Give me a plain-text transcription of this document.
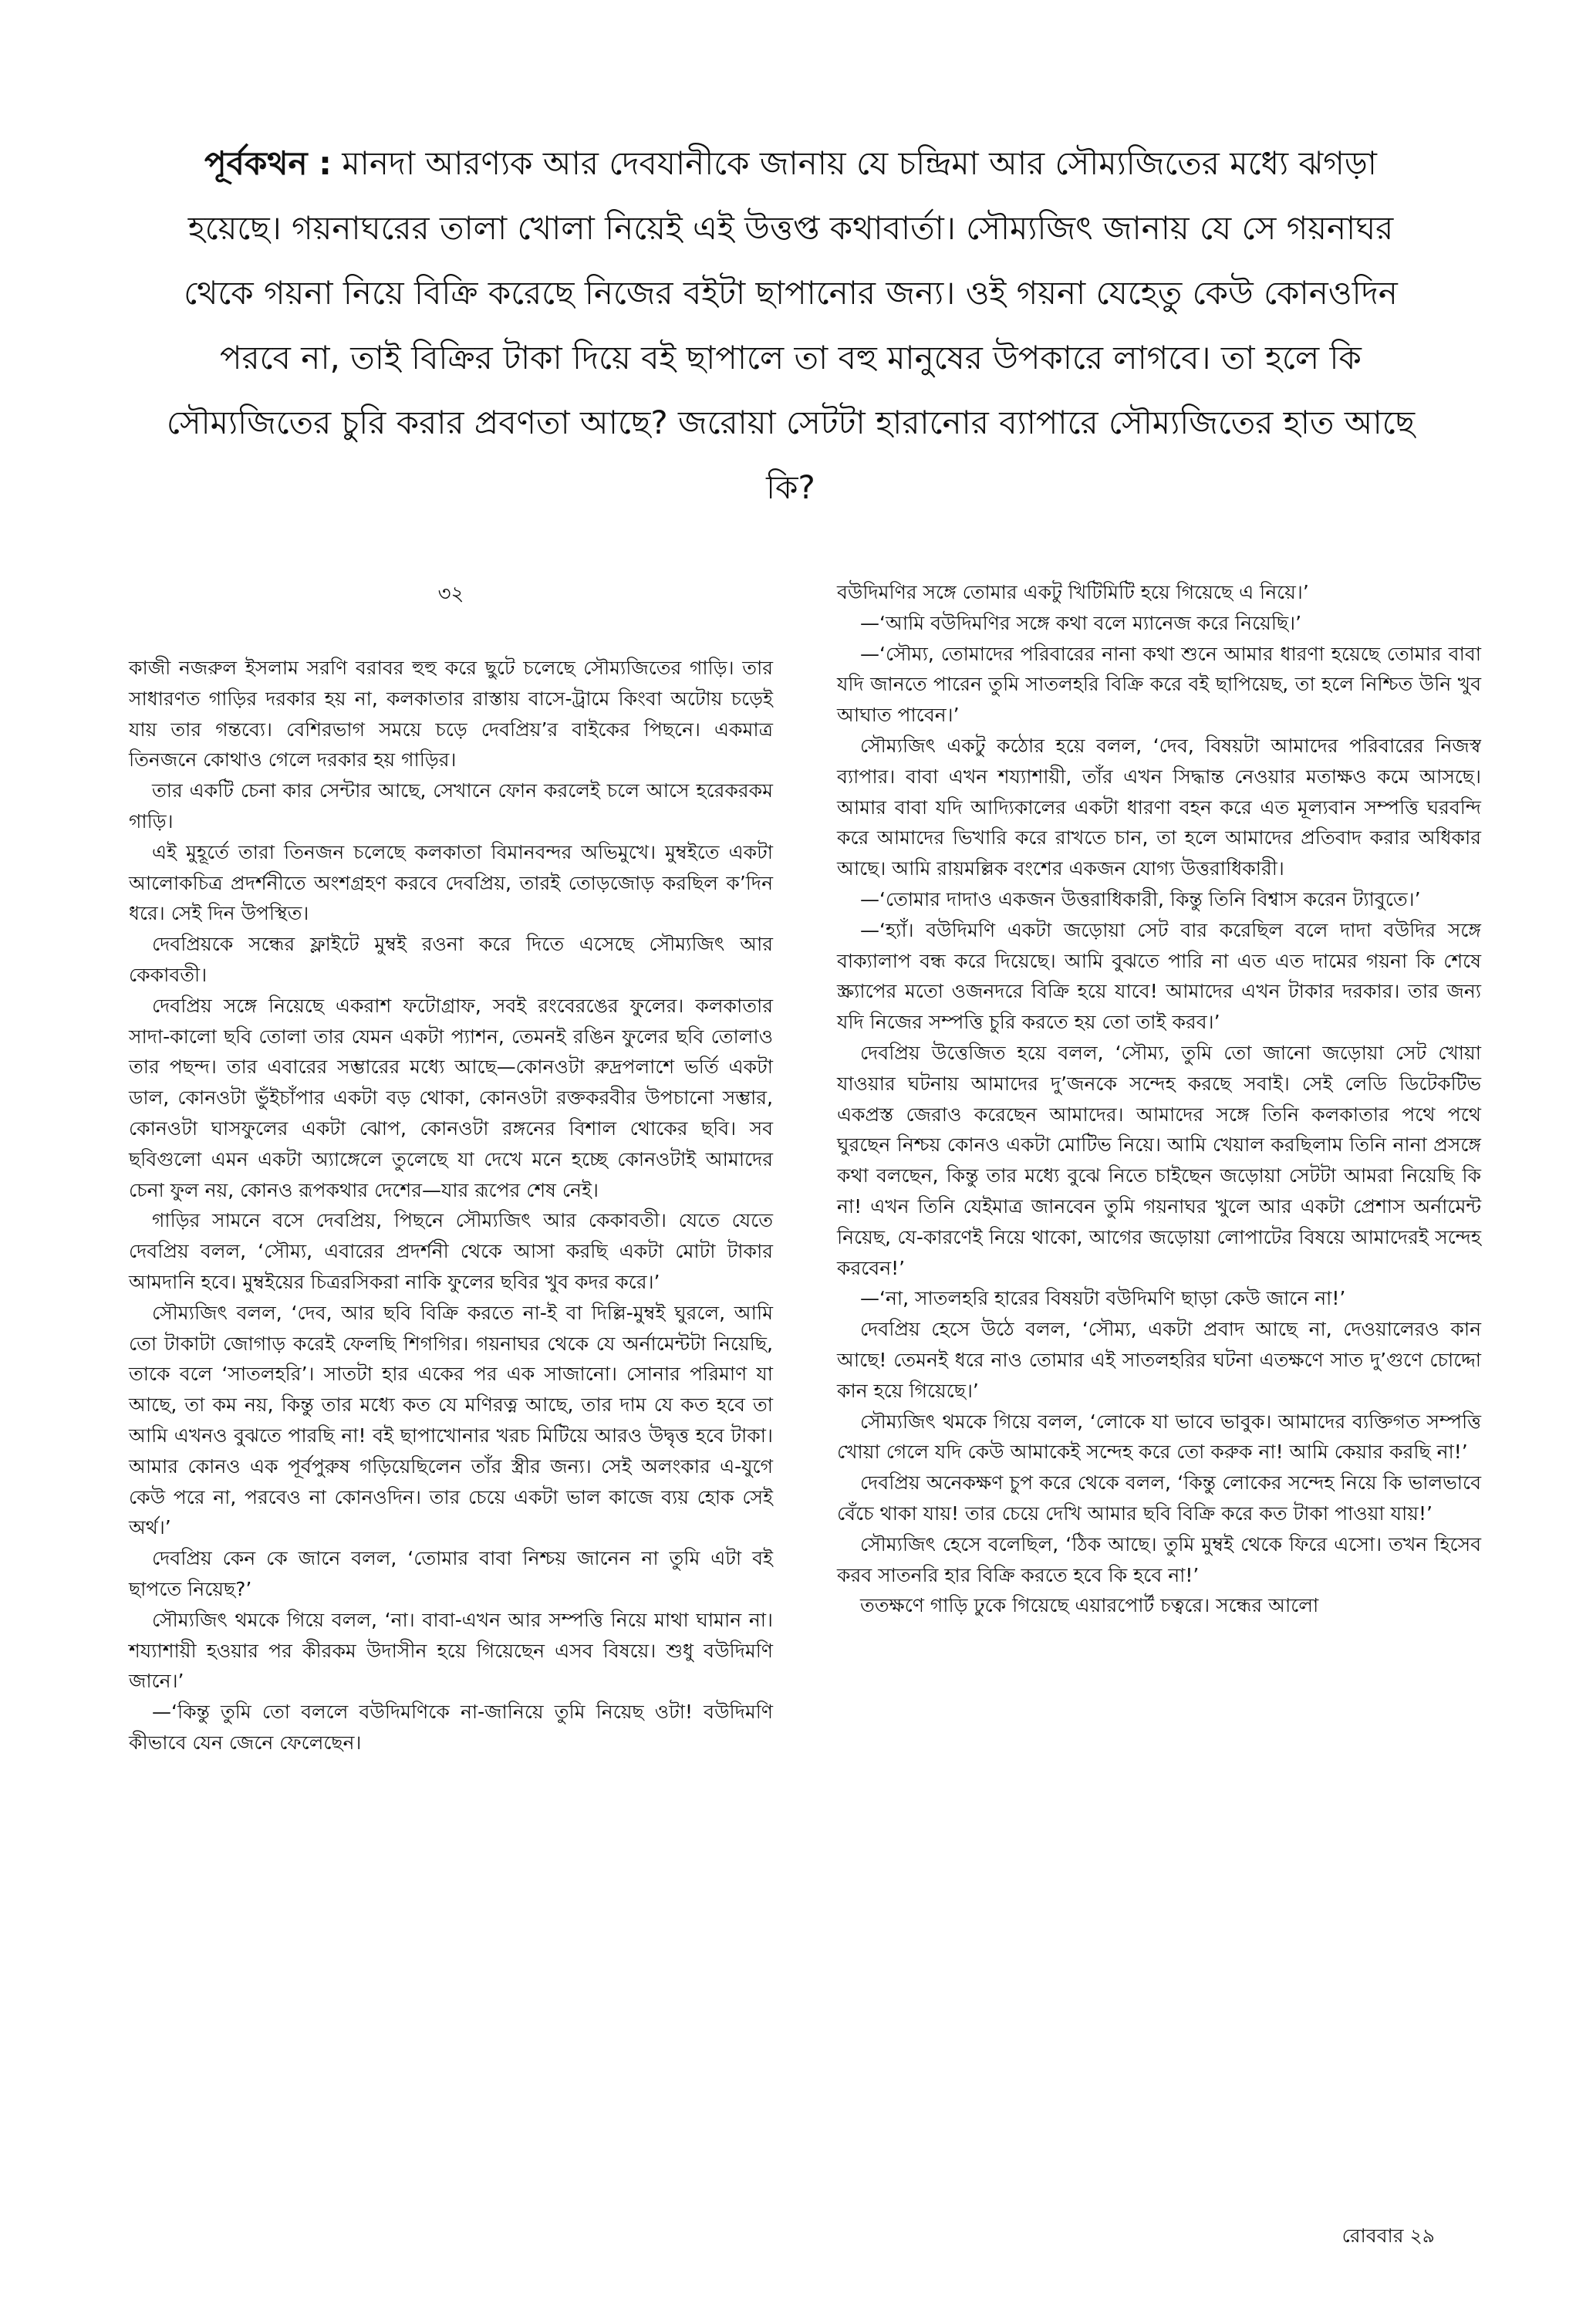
পূর্বকথন : মানদা আরণ্যক আর দেবযানীকে জানায় যে চন্দ্রিমা আর সৌম্যজিতের মধ্যে ঝগড়া হয়েছে। গয়নাঘরের তালা খোলা নিয়েই এই উত্তপ্ত কথাবার্তা। সৌম্যজিৎ জানায় যে সে গয়নাঘর থেকে গয়না নিয়ে বিক্রি করেছে নিজের বইটা ছাপানোর জন্য। ওই গয়না যেহেতু কেউ কোনওদিন পরবে না, তাই বিক্রির টাকা দিয়ে বই ছাপালে তা বহু মানুষের উপকারে লাগবে। তা হলে কি সৌম্যজিতের চুরি করার প্রবণতা আছে? জরোয়া সেটটা হারানোর ব্যাপারে সৌম্যজিতের হাত আছে কি?

৩২

কাজী নজরুল ইসলাম সরণি বরাবর হুহু করে ছুটে চলেছে সৌম্যজিতের গাড়ি। তার সাধারণত গাড়ির দরকার হয় না, কলকাতার রাস্তায় বাসে-ট্রামে কিংবা অটোয় চড়েই যায় তার গন্তব্যে। বেশিরভাগ সময়ে চড়ে দেবপ্রিয়’র বাইকের পিছনে। একমাত্র তিনজনে কোথাও গেলে দরকার হয় গাড়ির।

তার একটি চেনা কার সেন্টার আছে, সেখানে ফোন করলেই চলে আসে হরেকরকম গাড়ি।

এই মুহূর্তে তারা তিনজন চলেছে কলকাতা বিমানবন্দর অভিমুখে। মুম্বইতে একটা আলোকচিত্র প্রদর্শনীতে অংশগ্রহণ করবে দেবপ্রিয়, তারই তোড়জোড় করছিল ক’দিন ধরে। সেই দিন উপস্থিত।

দেবপ্রিয়কে সন্ধের ফ্লাইটে মুম্বই রওনা করে দিতে এসেছে সৌম্যজিৎ আর কেকাবতী।

দেবপ্রিয় সঙ্গে নিয়েছে একরাশ ফটোগ্রাফ, সবই রংবেরঙের ফুলের। কলকাতার সাদা-কালো ছবি তোলা তার যেমন একটা প্যাশন, তেমনই রঙিন ফুলের ছবি তোলাও তার পছন্দ। তার এবারের সম্ভারের মধ্যে আছে—কোনওটা রুদ্রপলাশে ভর্তি একটা ডাল, কোনওটা ভুঁইচাঁপার একটা বড় থোকা, কোনওটা রক্তকরবীর উপচানো সম্ভার, কোনওটা ঘাসফুলের একটা ঝোপ, কোনওটা রঙ্গনের বিশাল থোকের ছবি। সব ছবিগুলো এমন একটা অ্যাঙ্গেলে তুলেছে যা দেখে মনে হচ্ছে কোনওটাই আমাদের চেনা ফুল নয়, কোনও রূপকথার দেশের—যার রূপের শেষ নেই।

গাড়ির সামনে বসে দেবপ্রিয়, পিছনে সৌম্যজিৎ আর কেকাবতী। যেতে যেতে দেবপ্রিয় বলল, ‘সৌম্য, এবারের প্রদর্শনী থেকে আসা করছি একটা মোটা টাকার আমদানি হবে। মুম্বইয়ের চিত্ররসিকরা নাকি ফুলের ছবির খুব কদর করে।’

সৌম্যজিৎ বলল, ‘দেব, আর ছবি বিক্রি করতে না-ই বা দিল্লি-মুম্বই ঘুরলে, আমি তো টাকাটা জোগাড় করেই ফেলছি শিগগির। গয়নাঘর থেকে যে অর্নামেন্টটা নিয়েছি, তাকে বলে ‘সাতলহরি’। সাতটা হার একের পর এক সাজানো। সোনার পরিমাণ যা আছে, তা কম নয়, কিন্তু তার মধ্যে কত যে মণিরত্ন আছে, তার দাম যে কত হবে তা আমি এখনও বুঝতে পারছি না! বই ছাপাখোনার খরচ মিটিয়ে আরও উদ্বৃত্ত হবে টাকা। আমার কোনও এক পূর্বপুরুষ গড়িয়েছিলেন তাঁর স্ত্রীর জন্য। সেই অলংকার এ-যুগে কেউ পরে না, পরবেও না কোনওদিন। তার চেয়ে একটা ভাল কাজে ব্যয় হোক সেই অর্থ।’

দেবপ্রিয় কেন কে জানে বলল, ‘তোমার বাবা নিশ্চয় জানেন না তুমি এটা বই ছাপতে নিয়েছ?’

সৌম্যজিৎ থমকে গিয়ে বলল, ‘না। বাবা-এখন আর সম্পত্তি নিয়ে মাথা ঘামান না। শয্যাশায়ী হওয়ার পর কীরকম উদাসীন হয়ে গিয়েছেন এসব বিষয়ে। শুধু বউদিমণি জানে।’

—‘কিন্তু তুমি তো বললে বউদিমণিকে না-জানিয়ে তুমি নিয়েছ ওটা! বউদিমণি কীভাবে যেন জেনে ফেলেছেন।

বউদিমণির সঙ্গে তোমার একটু খিটিমিটি হয়ে গিয়েছে এ নিয়ে।’

—‘আমি বউদিমণির সঙ্গে কথা বলে ম্যানেজ করে নিয়েছি।’

—‘সৌম্য, তোমাদের পরিবারের নানা কথা শুনে আমার ধারণা হয়েছে তোমার বাবা যদি জানতে পারেন তুমি সাতলহরি বিক্রি করে বই ছাপিয়েছ, তা হলে নিশ্চিত উনি খুব আঘাত পাবেন।’

সৌম্যজিৎ একটু কঠোর হয়ে বলল, ‘দেব, বিষয়টা আমাদের পরিবারের নিজস্ব ব্যাপার। বাবা এখন শয্যাশায়ী, তাঁর এখন সিদ্ধান্ত নেওয়ার মতাক্ষও কমে আসছে। আমার বাবা যদি আদ্যিকালের একটা ধারণা বহন করে এত মূল্যবান সম্পত্তি ঘরবন্দি করে আমাদের ভিখারি করে রাখতে চান, তা হলে আমাদের প্রতিবাদ করার অধিকার আছে। আমি রায়মল্লিক বংশের একজন যোগ্য উত্তরাধিকারী।

—‘তোমার দাদাও একজন উত্তরাধিকারী, কিন্তু তিনি বিশ্বাস করেন ট্যাবুতে।’

—‘হ্যাঁ। বউদিমণি একটা জড়োয়া সেট বার করেছিল বলে দাদা বউদির সঙ্গে বাক্যালাপ বন্ধ করে দিয়েছে। আমি বুঝতে পারি না এত এত দামের গয়না কি শেষে স্ক্র্যাপের মতো ওজনদরে বিক্রি হয়ে যাবে! আমাদের এখন টাকার দরকার। তার জন্য যদি নিজের সম্পত্তি চুরি করতে হয় তো তাই করব।’

দেবপ্রিয় উত্তেজিত হয়ে বলল, ‘সৌম্য, তুমি তো জানো জড়োয়া সেট খোয়া যাওয়ার ঘটনায় আমাদের দু’জনকে সন্দেহ করছে সবাই। সেই লেডি ডিটেকটিভ একপ্রস্ত জেরাও করেছেন আমাদের। আমাদের সঙ্গে তিনি কলকাতার পথে পথে ঘুরছেন নিশ্চয় কোনও একটা মোটিভ নিয়ে। আমি খেয়াল করছিলাম তিনি নানা প্রসঙ্গে কথা বলছেন, কিন্তু তার মধ্যে বুঝে নিতে চাইছেন জড়োয়া সেটটা আমরা নিয়েছি কি না! এখন তিনি যেইমাত্র জানবেন তুমি গয়নাঘর খুলে আর একটা প্রেশাস অর্নামেন্ট নিয়েছ, যে-কারণেই নিয়ে থাকো, আগের জড়োয়া লোপাটের বিষয়ে আমাদেরই সন্দেহ করবেন!’

—‘না, সাতলহরি হারের বিষয়টা বউদিমণি ছাড়া কেউ জানে না!’

দেবপ্রিয় হেসে উঠে বলল, ‘সৌম্য, একটা প্রবাদ আছে না, দেওয়ালেরও কান আছে! তেমনই ধরে নাও তোমার এই সাতলহরির ঘটনা এতক্ষণে সাত দু’গুণে চোদ্দো কান হয়ে গিয়েছে।’

সৌম্যজিৎ থমকে গিয়ে বলল, ‘লোকে যা ভাবে ভাবুক। আমাদের ব্যক্তিগত সম্পত্তি খোয়া গেলে যদি কেউ আমাকেই সন্দেহ করে তো করুক না! আমি কেয়ার করছি না!’

দেবপ্রিয় অনেকক্ষণ চুপ করে থেকে বলল, ‘কিন্তু লোকের সন্দেহ নিয়ে কি ভালভাবে বেঁচে থাকা যায়! তার চেয়ে দেখি আমার ছবি বিক্রি করে কত টাকা পাওয়া যায়!’

সৌম্যজিৎ হেসে বলেছিল, ‘ঠিক আছে। তুমি মুম্বই থেকে ফিরে এসো। তখন হিসেব করব সাতনরি হার বিক্রি করতে হবে কি হবে না!’

ততক্ষণে গাড়ি ঢুকে গিয়েছে এয়ারপোর্ট চত্বরে। সন্ধের আলো

রোববার ২৯
